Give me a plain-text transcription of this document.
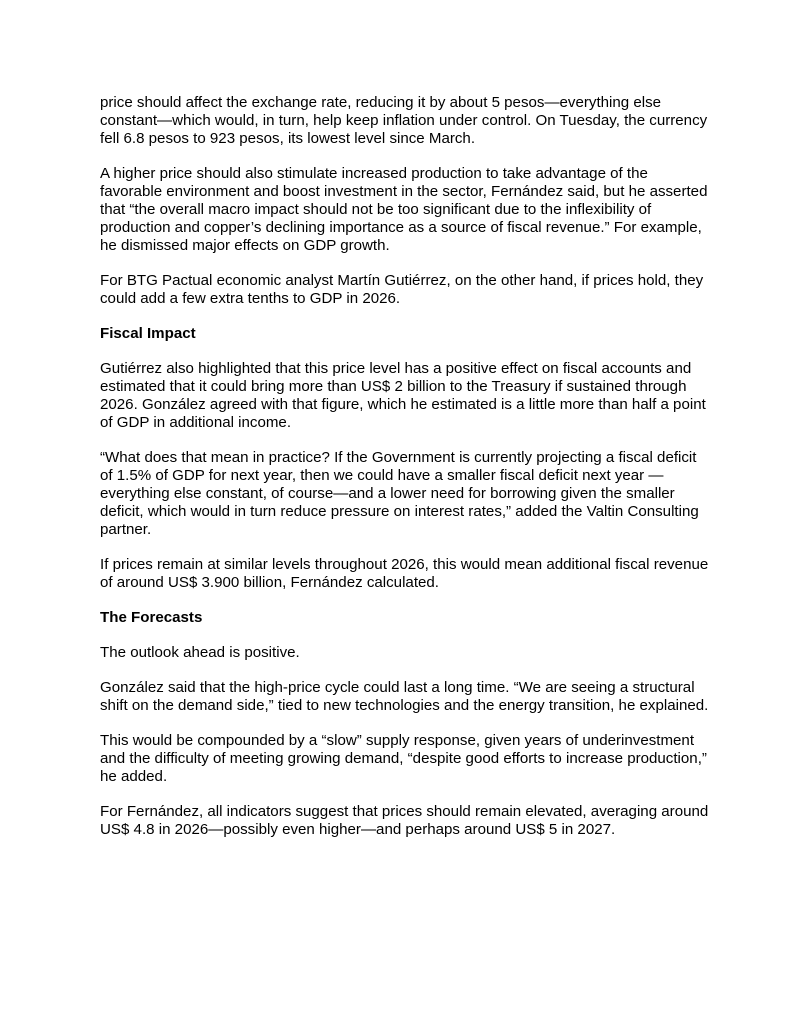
price should affect the exchange rate, reducing it by about 5 pesos—everything else constant—which would, in turn, help keep inflation under control. On Tuesday, the currency fell 6.8 pesos to 923 pesos, its lowest level since March.

A higher price should also stimulate increased production to take advantage of the favorable environment and boost investment in the sector, Fernández said, but he asserted that “the overall macro impact should not be too significant due to the inflexibility of production and copper’s declining importance as a source of fiscal revenue.” For example, he dismissed major effects on GDP growth.

For BTG Pactual economic analyst Martín Gutiérrez, on the other hand, if prices hold, they could add a few extra tenths to GDP in 2026.

Fiscal Impact

Gutiérrez also highlighted that this price level has a positive effect on fiscal accounts and estimated that it could bring more than US$ 2 billion to the Treasury if sustained through 2026. González agreed with that figure, which he estimated is a little more than half a point of GDP in additional income.

“What does that mean in practice? If the Government is currently projecting a fiscal deficit of 1.5% of GDP for next year, then we could have a smaller fiscal deficit next year —everything else constant, of course—and a lower need for borrowing given the smaller deficit, which would in turn reduce pressure on interest rates,” added the Valtin Consulting partner.

If prices remain at similar levels throughout 2026, this would mean additional fiscal revenue of around US$ 3.900 billion, Fernández calculated.

The Forecasts

The outlook ahead is positive.

González said that the high-price cycle could last a long time. “We are seeing a structural shift on the demand side,” tied to new technologies and the energy transition, he explained.

This would be compounded by a “slow” supply response, given years of underinvestment and the difficulty of meeting growing demand, “despite good efforts to increase production,” he added.

For Fernández, all indicators suggest that prices should remain elevated, averaging around US$ 4.8 in 2026—possibly even higher—and perhaps around US$ 5 in 2027.
